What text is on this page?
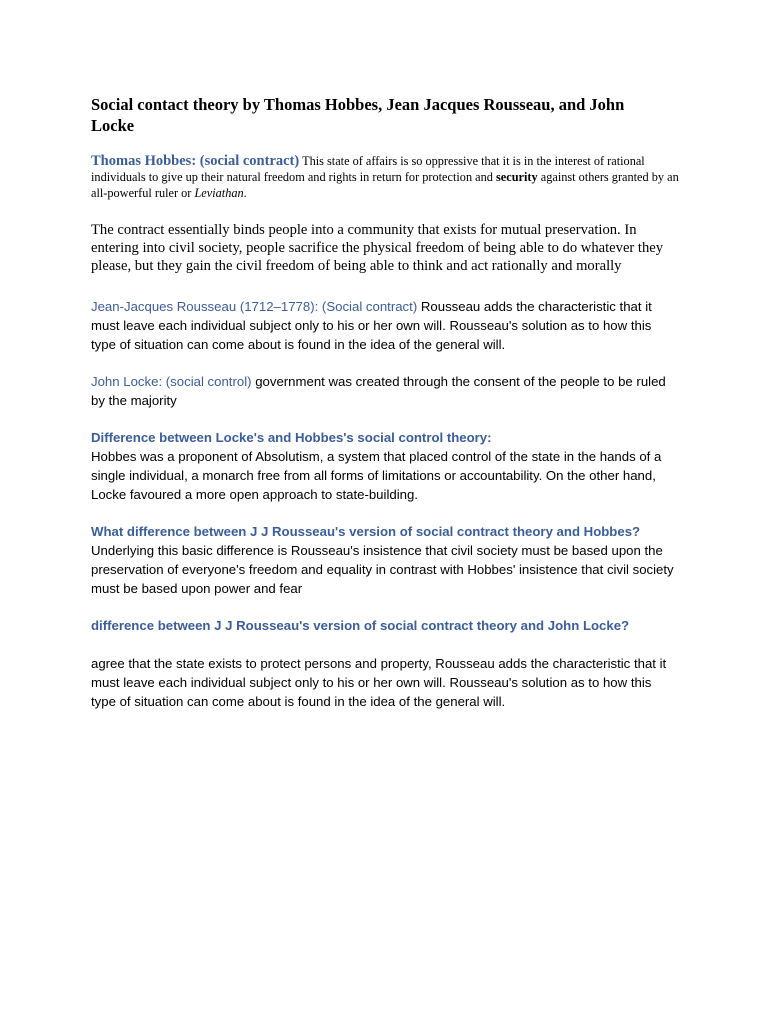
Social contact theory by Thomas Hobbes, Jean Jacques Rousseau, and John Locke

Thomas Hobbes: (social contract) This state of affairs is so oppressive that it is in the interest of rational individuals to give up their natural freedom and rights in return for protection and security against others granted by an all-powerful ruler or Leviathan.

The contract essentially binds people into a community that exists for mutual preservation. In entering into civil society, people sacrifice the physical freedom of being able to do whatever they please, but they gain the civil freedom of being able to think and act rationally and morally

Jean-Jacques Rousseau (1712–1778): (Social contract) Rousseau adds the characteristic that it must leave each individual subject only to his or her own will. Rousseau's solution as to how this type of situation can come about is found in the idea of the general will.

John Locke: (social control) government was created through the consent of the people to be ruled by the majority

Difference between Locke's and Hobbes's social control theory:

Hobbes was a proponent of Absolutism, a system that placed control of the state in the hands of a single individual, a monarch free from all forms of limitations or accountability. On the other hand, Locke favoured a more open approach to state-building.

What difference between J J Rousseau's version of social contract theory and Hobbes?

Underlying this basic difference is Rousseau's insistence that civil society must be based upon the preservation of everyone's freedom and equality in contrast with Hobbes' insistence that civil society must be based upon power and fear

difference between J J Rousseau's version of social contract theory and John Locke?

agree that the state exists to protect persons and property, Rousseau adds the characteristic that it must leave each individual subject only to his or her own will. Rousseau's solution as to how this type of situation can come about is found in the idea of the general will.
